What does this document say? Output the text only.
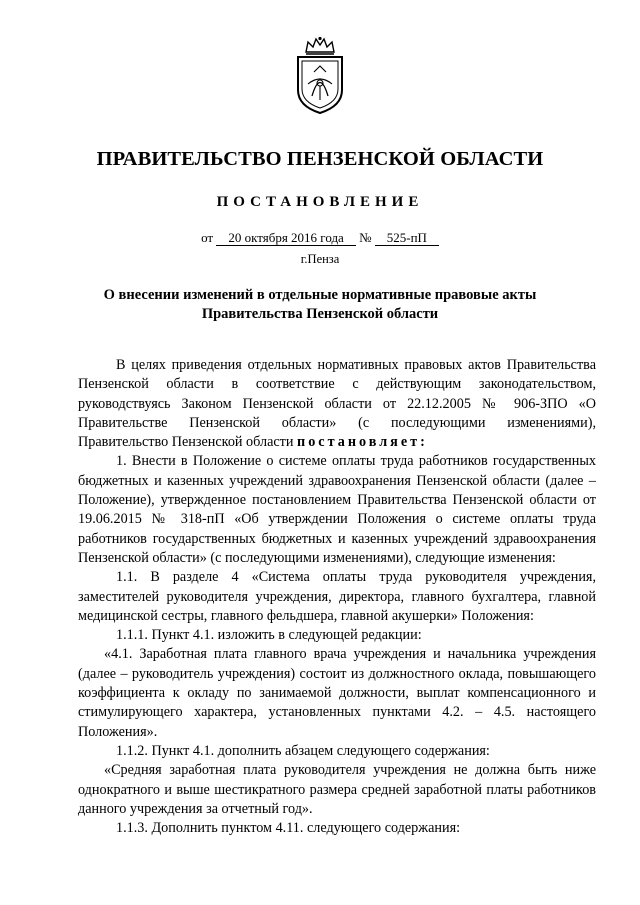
ПРАВИТЕЛЬСТВО ПЕНЗЕНСКОЙ ОБЛАСТИ
ПОСТАНОВЛЕНИЕ
от 20 октября 2016 года № 525-пП
г.Пенза
О внесении изменений в отдельные нормативные правовые акты
Правительства Пензенской области

В целях приведения отдельных нормативных правовых актов Правительства Пензенской области в соответствие с действующим законодательством, руководствуясь Законом Пензенской области от 22.12.2005 № 906-ЗПО «О Правительстве Пензенской области» (с последующими изменениями), Правительство Пензенской области постановляет:

1. Внести в Положение о системе оплаты труда работников государственных бюджетных и казенных учреждений здравоохранения Пензенской области (далее – Положение), утвержденное постановлением Правительства Пензенской области от 19.06.2015 № 318-пП «Об утверждении Положения о системе оплаты труда работников государственных бюджетных и казенных учреждений здравоохранения Пензенской области» (с последующими изменениями), следующие изменения:

1.1. В разделе 4 «Система оплаты труда руководителя учреждения, заместителей руководителя учреждения, директора, главного бухгалтера, главной медицинской сестры, главного фельдшера, главной акушерки» Положения:

1.1.1. Пункт 4.1. изложить в следующей редакции:

«4.1. Заработная плата главного врача учреждения и начальника учреждения (далее – руководитель учреждения) состоит из должностного оклада, повышающего коэффициента к окладу по занимаемой должности, выплат компенсационного и стимулирующего характера, установленных пунктами 4.2. – 4.5. настоящего Положения».

1.1.2. Пункт 4.1. дополнить абзацем следующего содержания:

«Средняя заработная плата руководителя учреждения не должна быть ниже однократного и выше шестикратного размера средней заработной платы работников данного учреждения за отчетный год».

1.1.3. Дополнить пунктом 4.11. следующего содержания:
